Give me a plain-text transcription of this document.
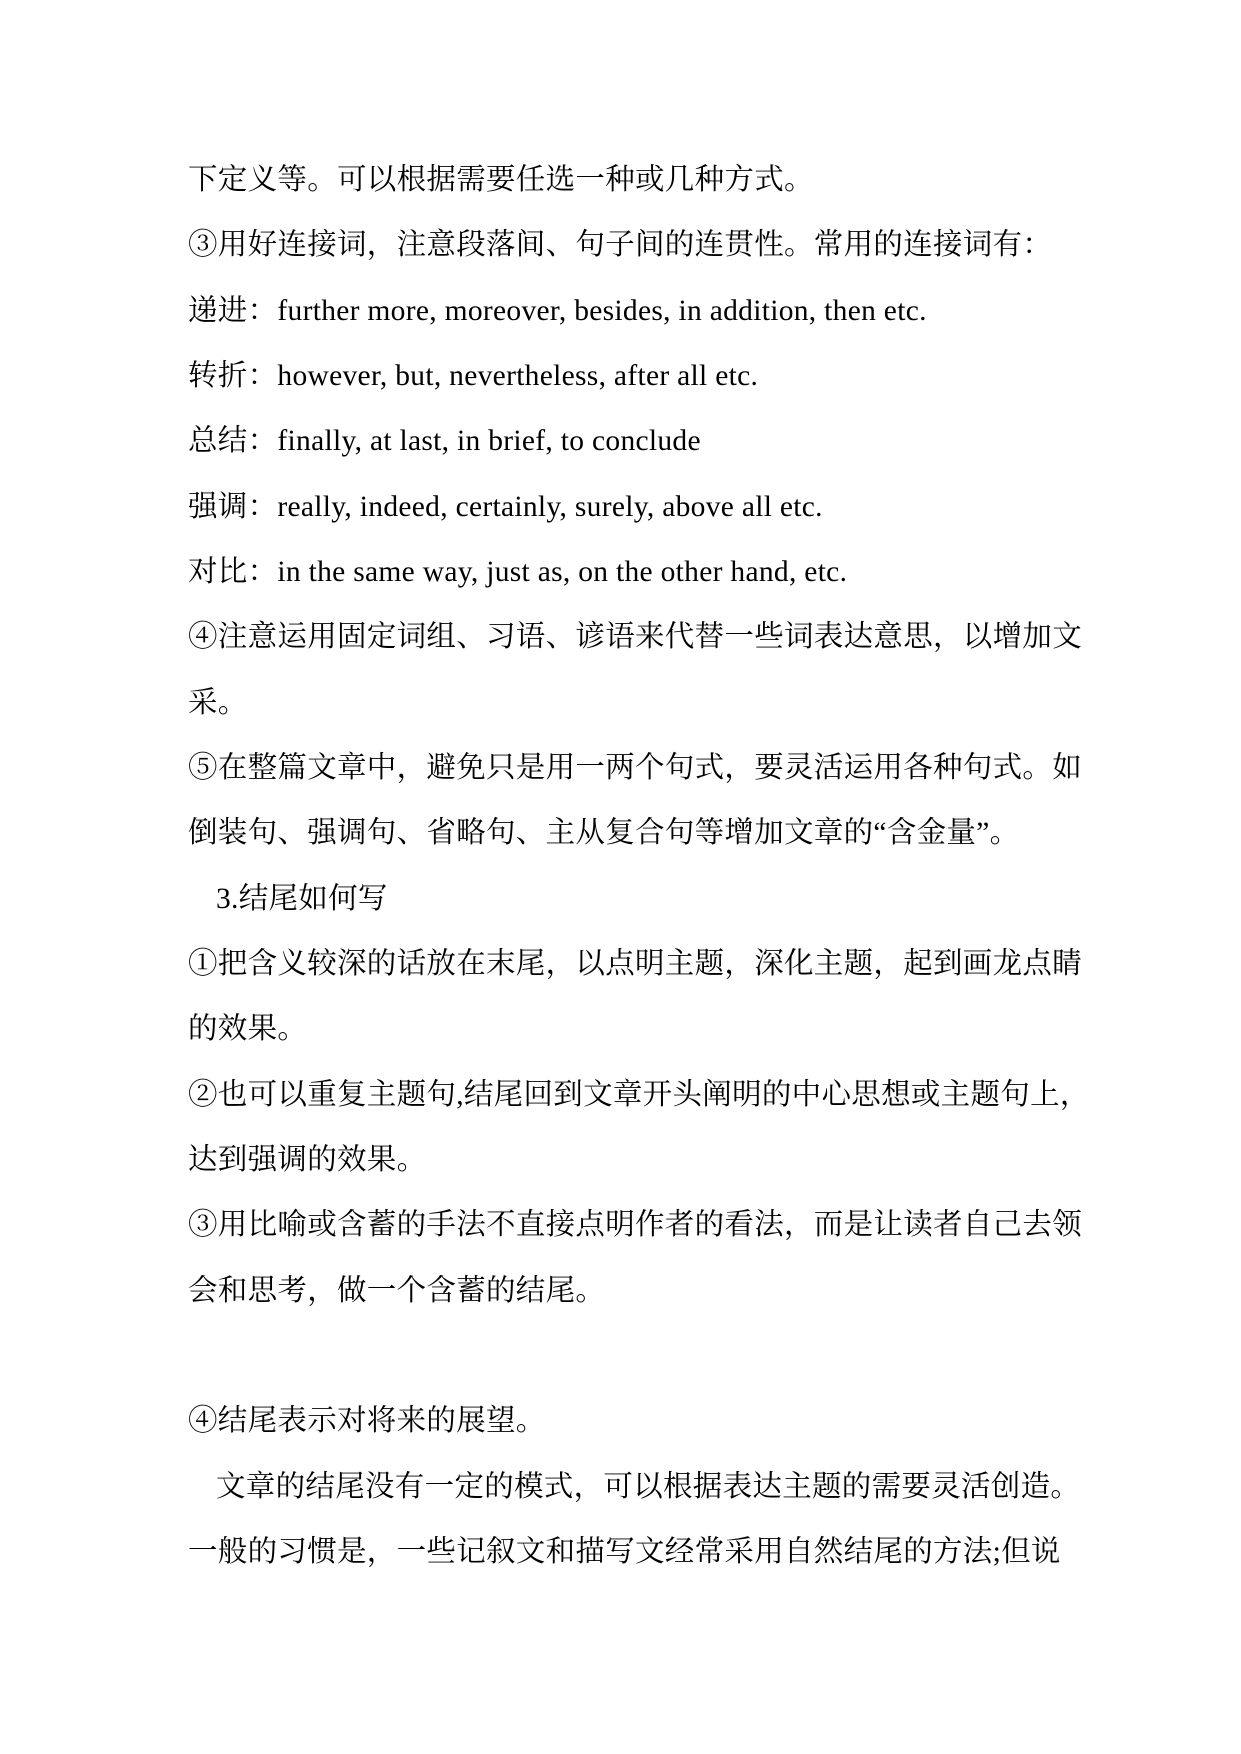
下定义等。可以根据需要任选一种或几种方式。
③用好连接词，注意段落间、句子间的连贯性。常用的连接词有：
递进：further more, moreover, besides, in addition, then etc.
转折：however, but, nevertheless, after all etc.
总结：finally, at last, in brief, to conclude
强调：really, indeed, certainly, surely, above all etc.
对比：in the same way, just as, on the other hand, etc.
④注意运用固定词组、习语、谚语来代替一些词表达意思，以增加文
采。
⑤在整篇文章中，避免只是用一两个句式，要灵活运用各种句式。如
倒装句、强调句、省略句、主从复合句等增加文章的“含金量”。
3.结尾如何写
①把含义较深的话放在末尾，以点明主题，深化主题，起到画龙点睛
的效果。
②也可以重复主题句,结尾回到文章开头阐明的中心思想或主题句上，
达到强调的效果。
③用比喻或含蓄的手法不直接点明作者的看法，而是让读者自己去领
会和思考，做一个含蓄的结尾。

④结尾表示对将来的展望。
文章的结尾没有一定的模式，可以根据表达主题的需要灵活创造。
一般的习惯是，一些记叙文和描写文经常采用自然结尾的方法;但说
